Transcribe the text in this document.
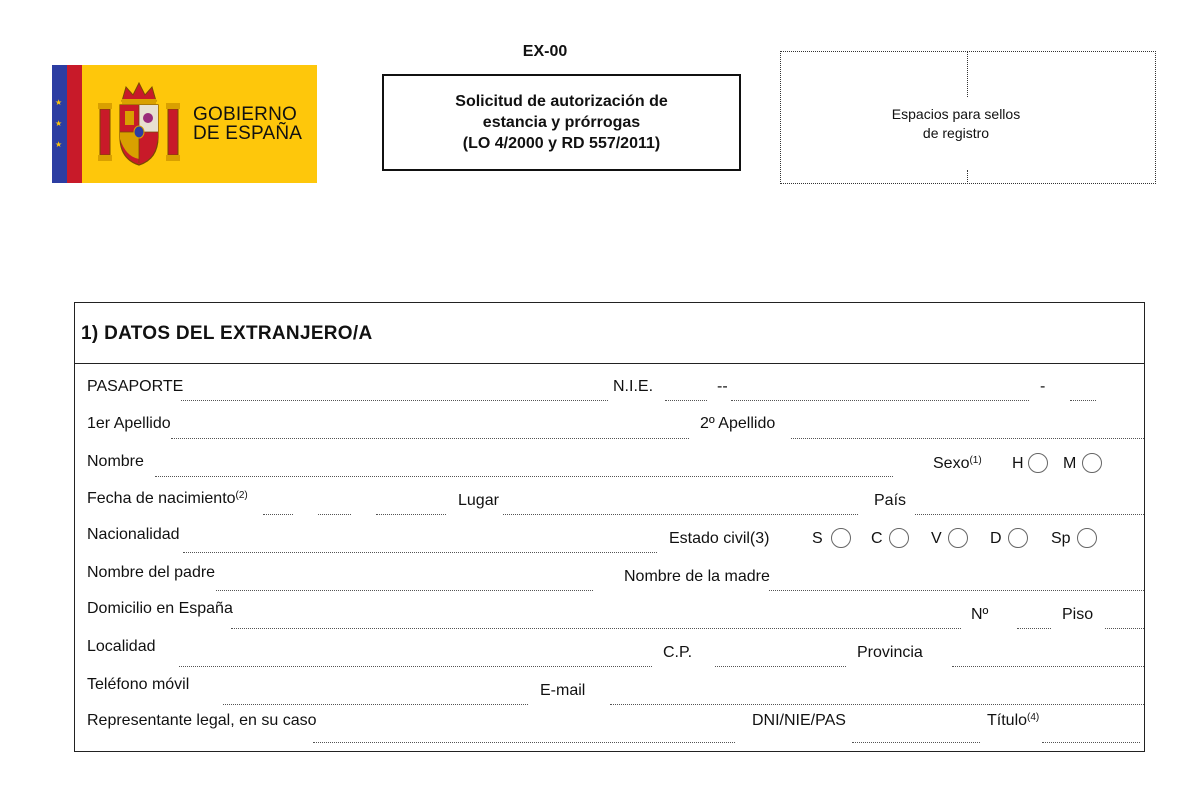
★
★
★
GOBIERNO
DE ESPAÑA
EX-00
Solicitud de autorización de
estancia y prórrogas
(LO 4/2000 y RD 557/2011)
Espacios para sellos
de registro
1) DATOS DEL EXTRANJERO/A
PASAPORTE	N.I.E.	--	-
1er Apellido	2º Apellido
Nombre	Sexo$^{(1)}$ H M
Fecha de nacimiento$^{(2)}$	Lugar	País
Nacionalidad	Estado civil(3)	S	C	V	D	Sp
Nombre del padre	Nombre de la madre
Domicilio en España	Nº	Piso
Localidad	C.P.	Provincia
Teléfono móvil	E-mail
Representante legal, en su caso	DNI/NIE/PAS	Título$^{(4)}$
